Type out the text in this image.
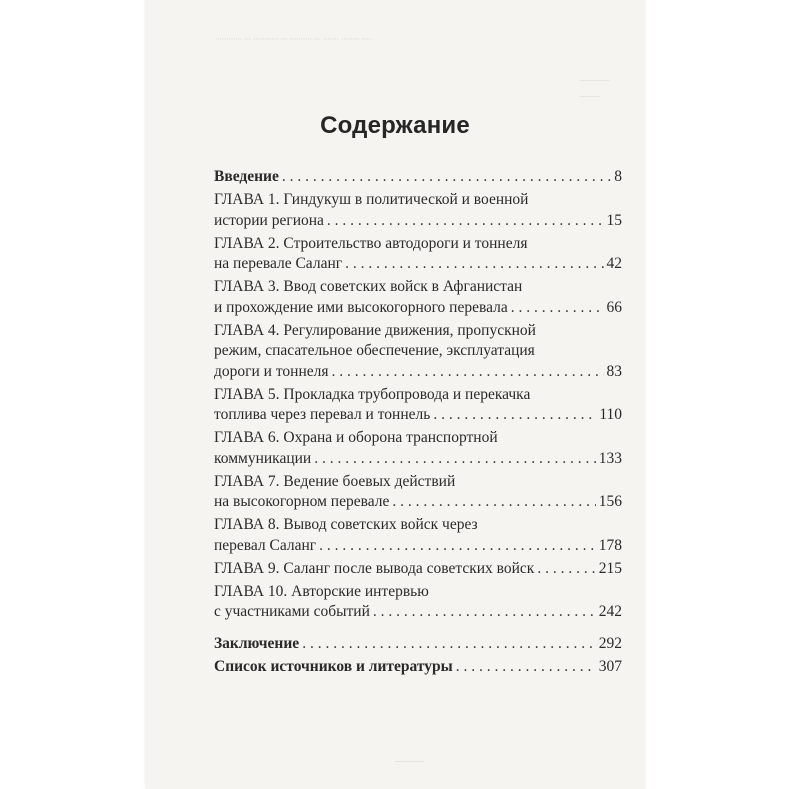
············ ··· ··········· ··· ·········· ··· ······· ········ ·····
———
——
———
Содержание
Введение . . .	8
ГЛАВА 1. Гиндукуш в политической и военной
истории региона . . .	15
ГЛАВА 2. Строительство автодороги и тоннеля
на перевале Саланг . . .	42
ГЛАВА 3. Ввод советских войск в Афганистан
и прохождение ими высокогорного перевала . . .	66
ГЛАВА 4. Регулирование движения, пропускной
режим, спасательное обеспечение, эксплуатация
дороги и тоннеля . . .	83
ГЛАВА 5. Прокладка трубопровода и перекачка
топлива через перевал и тоннель . . .	110
ГЛАВА 6. Охрана и оборона транспортной
коммуникации . . .	133
ГЛАВА 7. Ведение боевых действий
на высокогорном перевале . . .	156
ГЛАВА 8. Вывод советских войск через
перевал Саланг . . .	178
ГЛАВА 9. Саланг после вывода советских войск . . .	215
ГЛАВА 10. Авторские интервью
с участниками событий . . .	242
Заключение . . .	292
Список источников и литературы . . .	307
